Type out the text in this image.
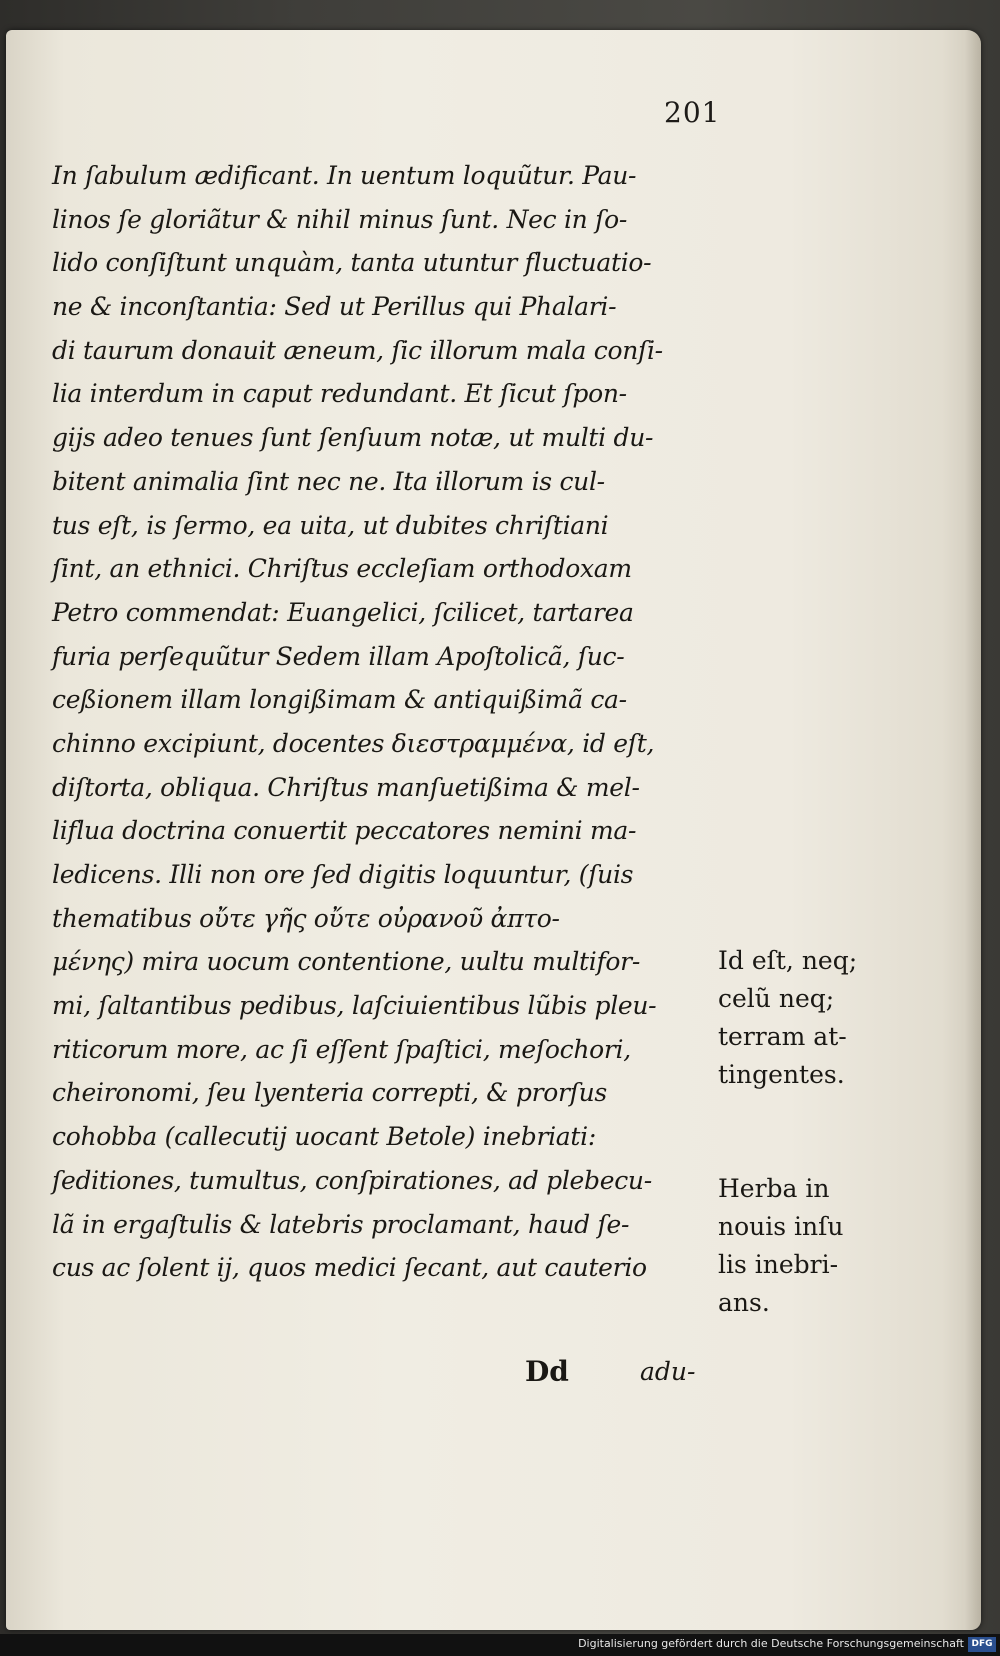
201
In ſabulum ædificant. In uentum loquũtur. Pau-
linos ſe gloriãtur & nihil minus ſunt. Nec in ſo-
lido conſiſtunt unquàm, tanta utuntur fluctuatio-
ne & inconſtantia: Sed ut Perillus qui Phalari-
di taurum donauit æneum, ſic illorum mala conſi-
lia interdum in caput redundant. Et ſicut ſpon-
gijs adeo tenues ſunt ſenſuum notæ, ut multi du-
bitent animalia ſint nec ne. Ita illorum is cul-
tus eſt, is ſermo, ea uita, ut dubites chriſtiani
ſint, an ethnici. Chriſtus eccleſiam orthodoxam
Petro commendat: Euangelici, ſcilicet, tartarea
furia perſequũtur Sedem illam Apoſtolicã, ſuc-
ceßionem illam longißimam & antiquißimã ca-
chinno excipiunt, docentes διεστραμμένα, id eſt,
diſtorta, obliqua. Chriſtus manſuetißima & mel-
liflua doctrina conuertit peccatores nemini ma-
ledicens. Illi non ore ſed digitis loquuntur, (ſuis
thematibus οὔτε γῆς οὔτε οὐρανοῦ ἀπτο-
μένης) mira uocum contentione, uultu multifor-
mi, ſaltantibus pedibus, laſciuientibus lũbis pleu-
riticorum more, ac ſi eſſent ſpaſtici, meſochori,
cheironomi, ſeu lyenteria correpti, & prorſus
cohobba (callecutij uocant Betole) inebriati:
ſeditiones, tumultus, conſpirationes, ad plebecu-
lã in ergaſtulis & latebris proclamant, haud ſe-
cus ac ſolent ij, quos medici ſecant, aut cauterio
Id eſt, neq;
celũ neq;
terram at-
tingentes.
Herba in
nouis inſu
lis inebri-
ans.
Dd	adu-
Digitalisierung gefördert durch die Deutsche Forschungsgemeinschaft DFG
